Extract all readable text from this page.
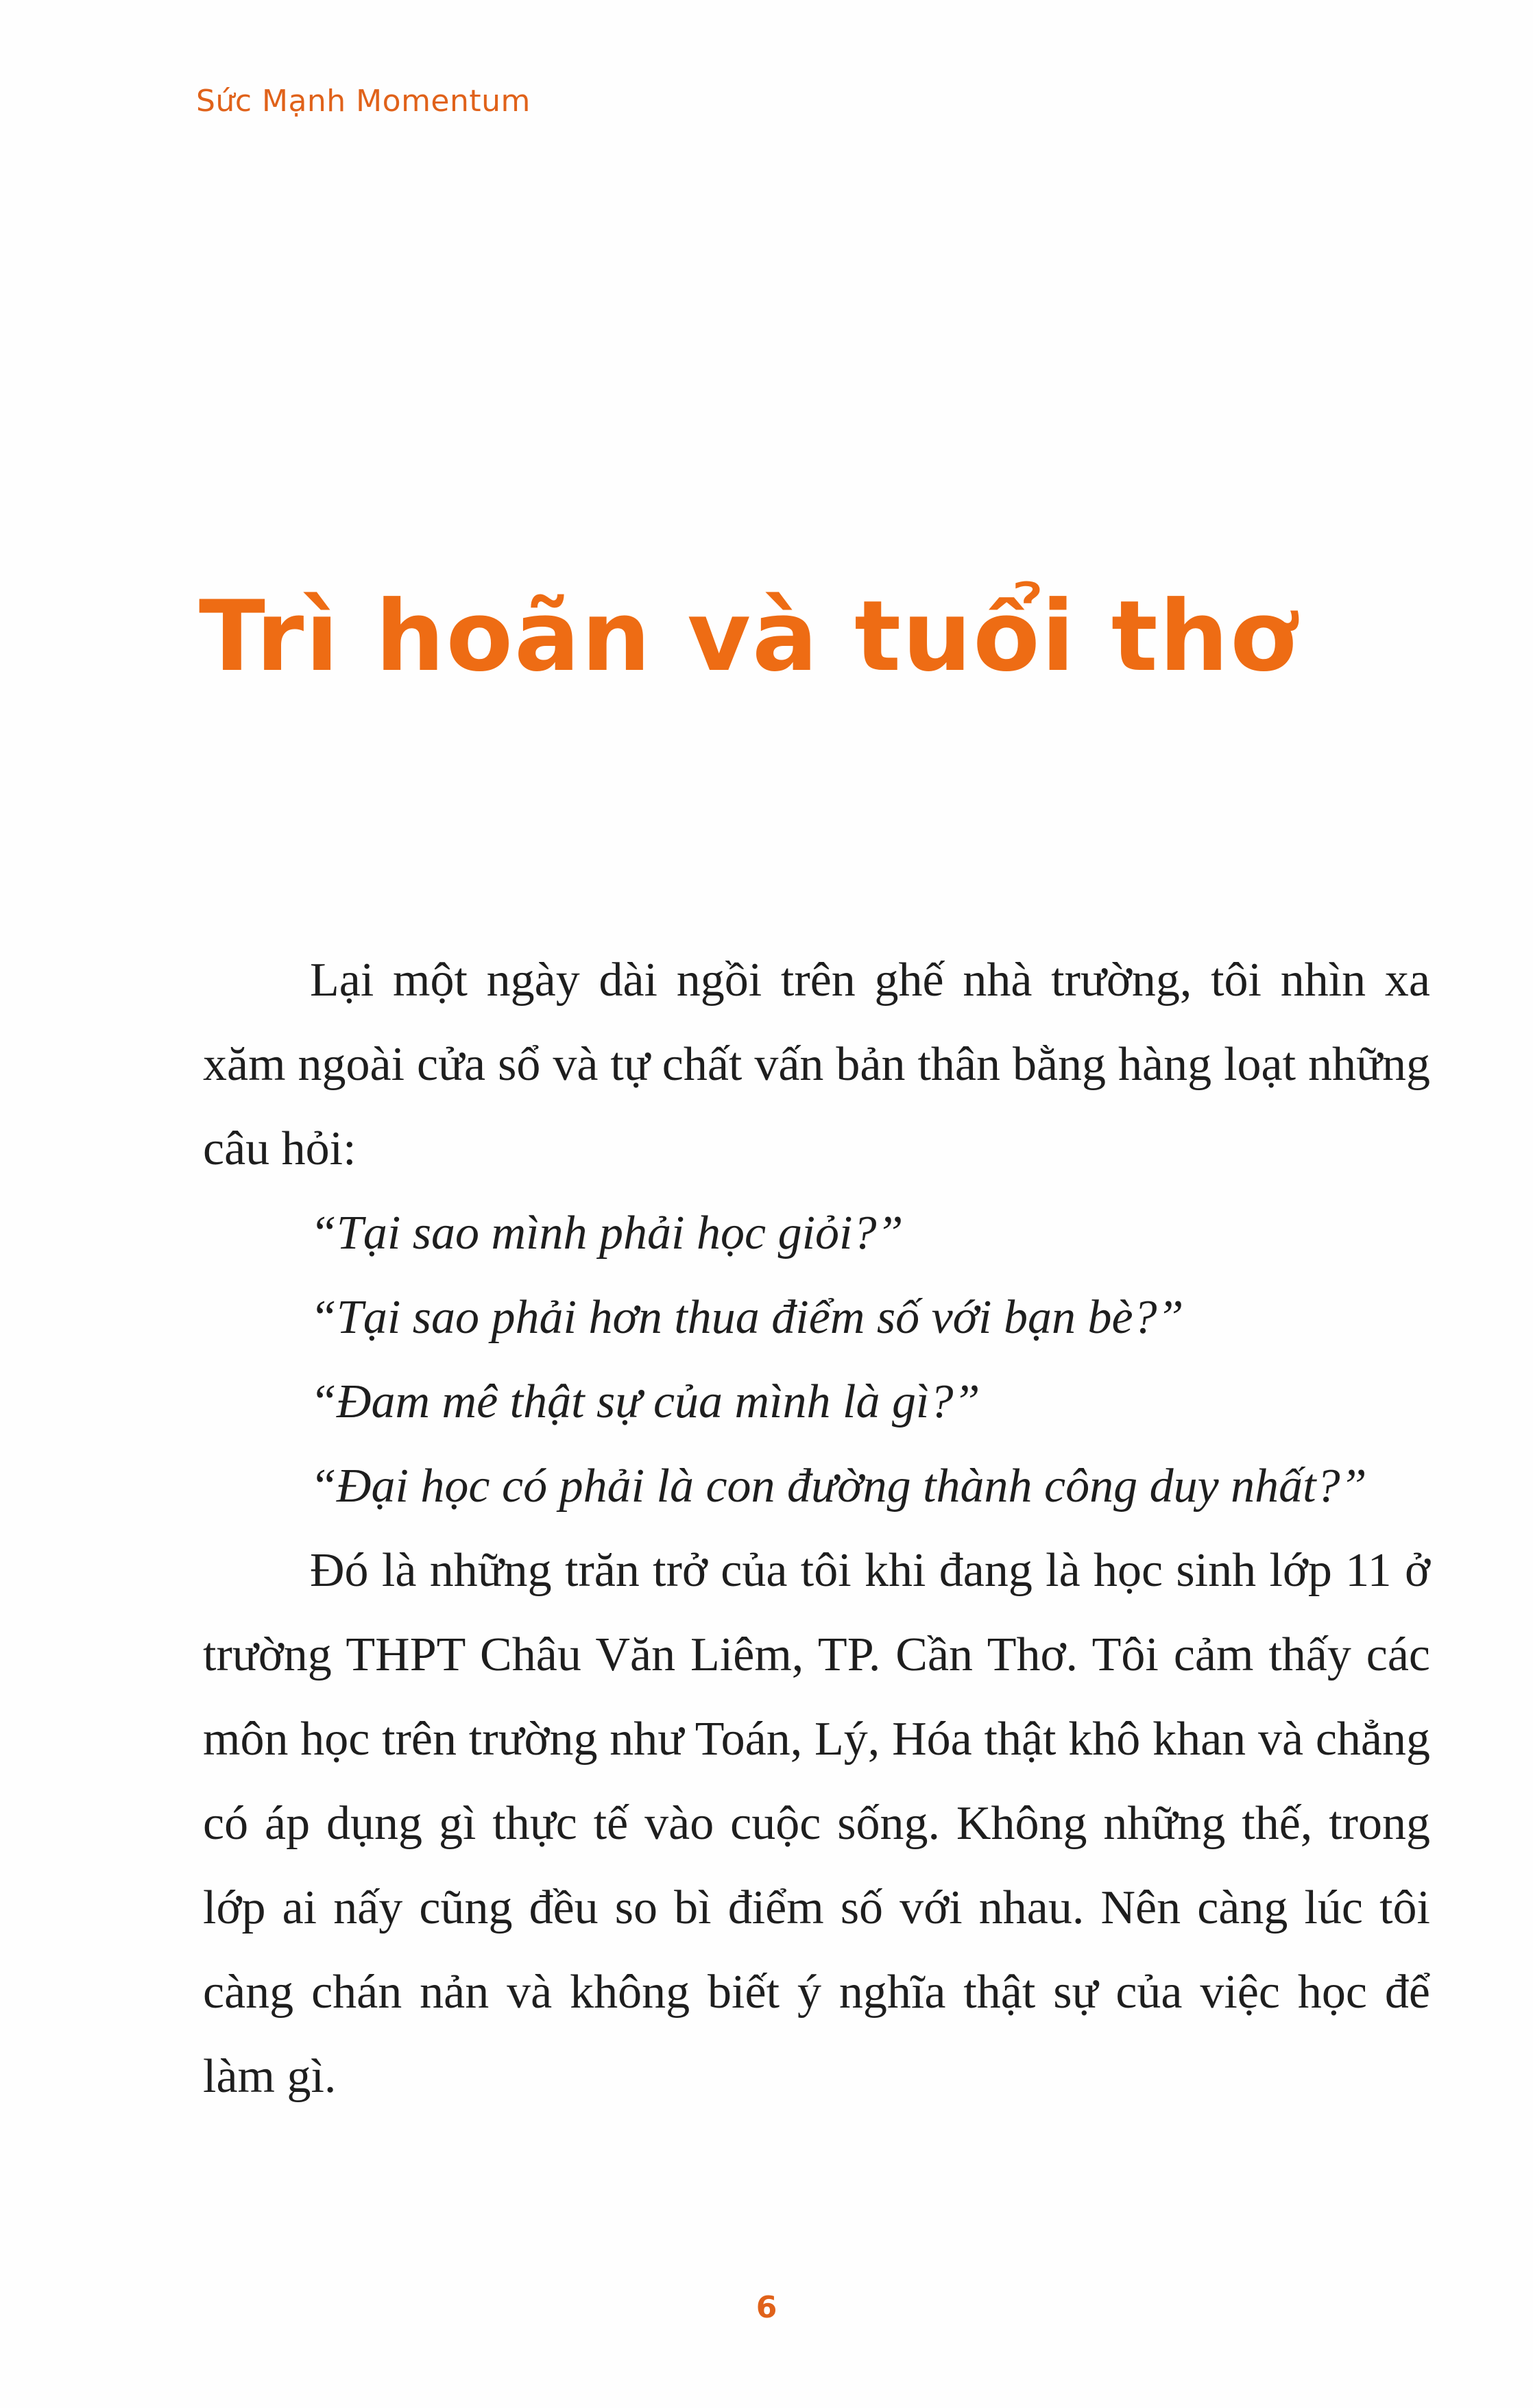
Sức Mạnh Momentum
Trì hoãn và tuổi thơ

Lại một ngày dài ngồi trên ghế nhà trường, tôi nhìn xa xăm ngoài cửa sổ và tự chất vấn bản thân bằng hàng loạt những câu hỏi:

“Tại sao mình phải học giỏi?”

“Tại sao phải hơn thua điểm số với bạn bè?”

“Đam mê thật sự của mình là gì?”

“Đại học có phải là con đường thành công duy nhất?”

Đó là những trăn trở của tôi khi đang là học sinh lớp 11 ở trường THPT Châu Văn Liêm, TP. Cần Thơ. Tôi cảm thấy các môn học trên trường như Toán, Lý, Hóa thật khô khan và chẳng có áp dụng gì thực tế vào cuộc sống. Không những thế, trong lớp ai nấy cũng đều so bì điểm số với nhau. Nên càng lúc tôi càng chán nản và không biết ý nghĩa thật sự của việc học để làm gì.

6
